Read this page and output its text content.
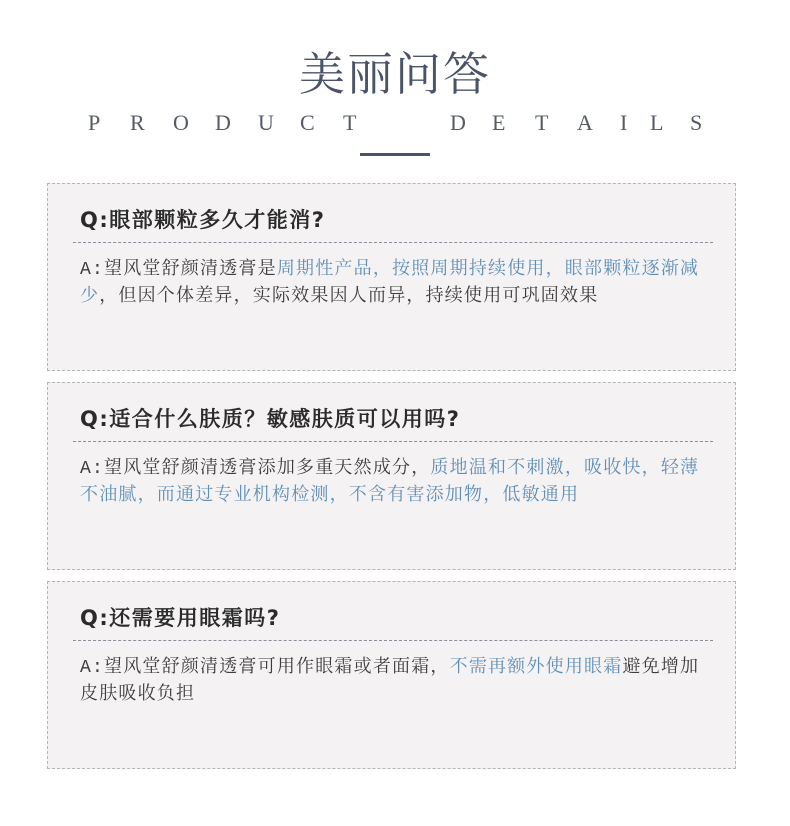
美丽问答
P R O D U C T	D E T A I L S
Q:眼部颗粒多久才能消?
A:望风堂舒颜清透膏是周期性产品，按照周期持续使用，眼部颗粒逐渐减少，但因个体差异，实际效果因人而异，持续使用可巩固效果
Q:适合什么肤质？敏感肤质可以用吗?
A:望风堂舒颜清透膏添加多重天然成分，质地温和不刺激，吸收快，轻薄不油腻，而通过专业机构检测，不含有害添加物，低敏通用
Q:还需要用眼霜吗?
A:望风堂舒颜清透膏可用作眼霜或者面霜，不需再额外使用眼霜避免增加皮肤吸收负担
